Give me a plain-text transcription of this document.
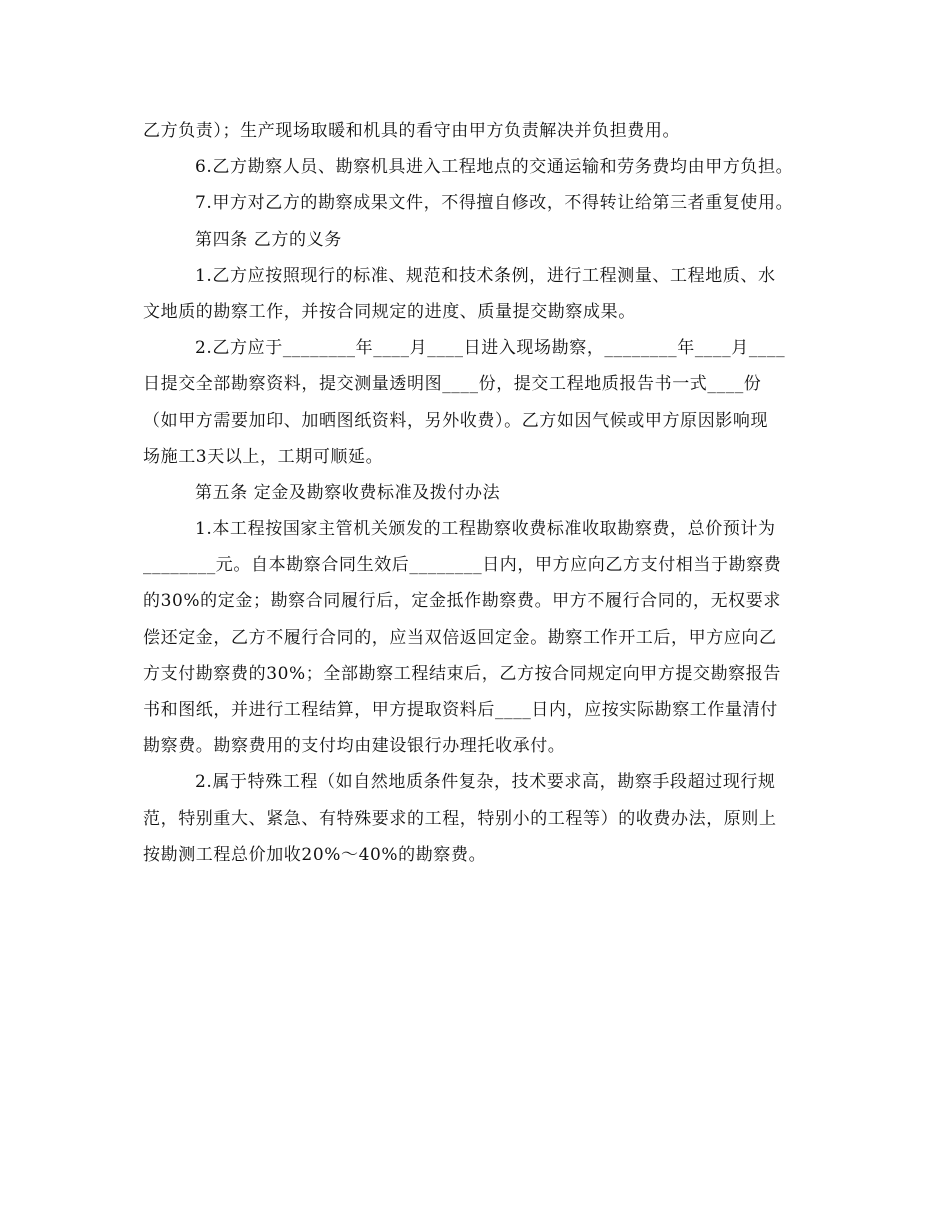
乙方负责）；生产现场取暖和机具的看守由甲方负责解决并负担费用。
6.乙方勘察人员、勘察机具进入工程地点的交通运输和劳务费均由甲方负担。
7.甲方对乙方的勘察成果文件，不得擅自修改，不得转让给第三者重复使用。
第四条 乙方的义务
1.乙方应按照现行的标准、规范和技术条例，进行工程测量、工程地质、水
文地质的勘察工作，并按合同规定的进度、质量提交勘察成果。
2.乙方应于________年____月____日进入现场勘察，________年____月____
日提交全部勘察资料，提交测量透明图____份，提交工程地质报告书一式____份
（如甲方需要加印、加晒图纸资料，另外收费）。乙方如因气候或甲方原因影响现
场施工3天以上，工期可顺延。
第五条 定金及勘察收费标准及拨付办法
1.本工程按国家主管机关颁发的工程勘察收费标准收取勘察费，总价预计为
________元。自本勘察合同生效后________日内，甲方应向乙方支付相当于勘察费
的30%的定金；勘察合同履行后，定金抵作勘察费。甲方不履行合同的，无权要求
偿还定金，乙方不履行合同的，应当双倍返回定金。勘察工作开工后，甲方应向乙
方支付勘察费的30%；全部勘察工程结束后，乙方按合同规定向甲方提交勘察报告
书和图纸，并进行工程结算，甲方提取资料后____日内，应按实际勘察工作量清付
勘察费。勘察费用的支付均由建设银行办理托收承付。
2.属于特殊工程（如自然地质条件复杂，技术要求高，勘察手段超过现行规
范，特别重大、紧急、有特殊要求的工程，特别小的工程等）的收费办法，原则上
按勘测工程总价加收20%～40%的勘察费。
